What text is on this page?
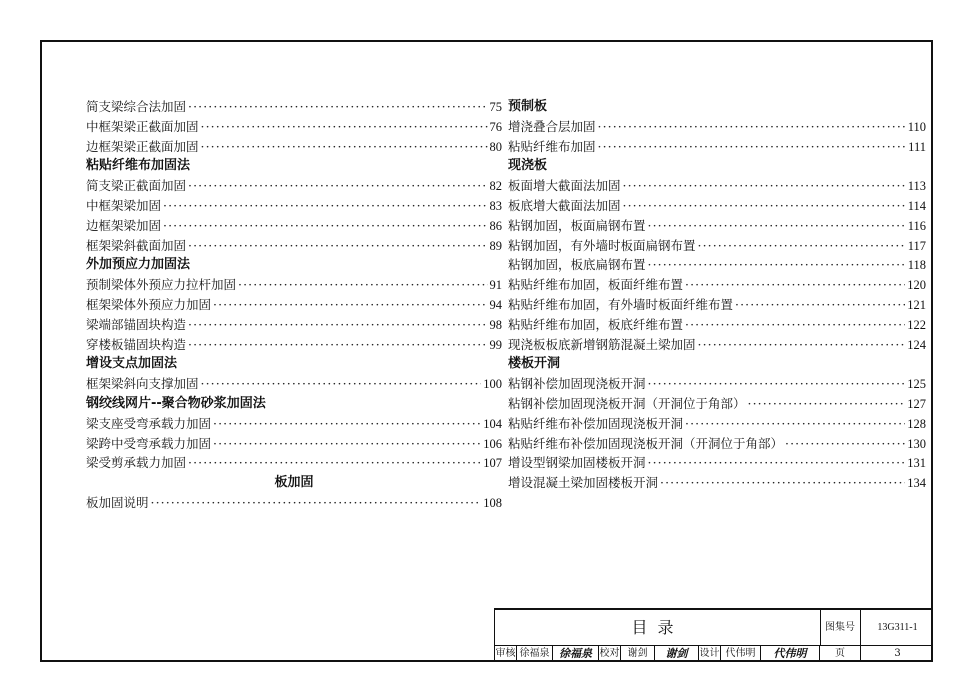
简支梁综合法加固 ·····	75
中框架梁正截面加固 ·····	76
边框架梁正截面加固 ·····	80
粘贴纤维布加固法
简支梁正截面加固 ·····	82
中框架梁加固 ·····	83
边框架梁加固 ·····	86
框架梁斜截面加固 ·····	89
外加预应力加固法
预制梁体外预应力拉杆加固 ·····	91
框架梁体外预应力加固 ·····	94
梁端部锚固块构造 ·····	98
穿楼板锚固块构造 ·····	99
增设支点加固法
框架梁斜向支撑加固 ·····	100
钢绞线网片--聚合物砂浆加固法
梁支座受弯承载力加固 ·····	104
梁跨中受弯承载力加固 ·····	106
梁受剪承载力加固 ·····	107
板加固
板加固说明 ·····	108
预制板
增浇叠合层加固 ·····	110
粘贴纤维布加固 ·····	111
现浇板
板面增大截面法加固 ·····	113
板底增大截面法加固 ·····	114
粘钢加固，板面扁钢布置 ·····	116
粘钢加固，有外墙时板面扁钢布置 ·····	117
粘钢加固，板底扁钢布置 ·····	118
粘贴纤维布加固，板面纤维布置 ·····	120
粘贴纤维布加固，有外墙时板面纤维布置 ·····	121
粘贴纤维布加固，板底纤维布置 ·····	122
现浇板板底新增钢筋混凝土梁加固 ·····	124
楼板开洞
粘钢补偿加固现浇板开洞 ·····	125
粘钢补偿加固现浇板开洞（开洞位于角部） ·····	127
粘贴纤维布补偿加固现浇板开洞 ·····	128
粘贴纤维布补偿加固现浇板开洞（开洞位于角部） ·····	130
增设型钢梁加固楼板开洞 ·····	131
增设混凝土梁加固楼板开洞 ·····	134
目录	图集号	13G311-1
审核 徐福泉 徐福泉 校对 谢剑	谢剑	设计 代伟明	代伟明	页	3
